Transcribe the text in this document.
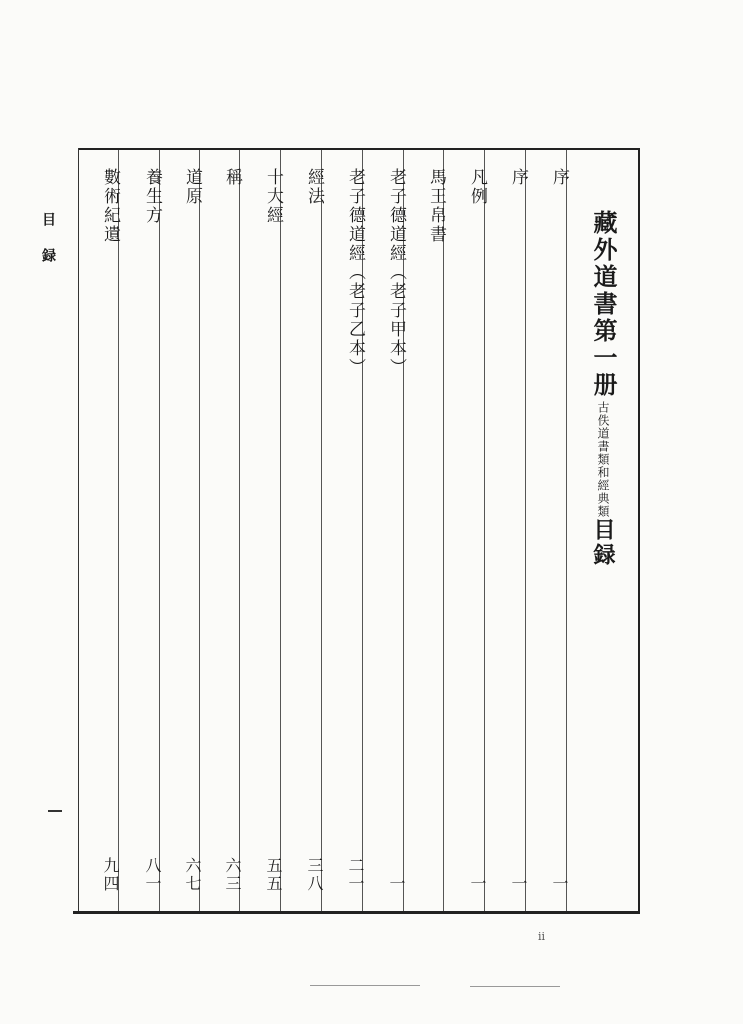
目録	藏外道書第一册
古佚道書類和經典類
目録
序
一
序
一
凡例
一
馬王帛書
老子德道經（老子甲本）
一
老子德道經（老子乙本）
二一
經法
三八
十大經
五五
稱
六三
道原
六七
養生方
八一
數術紀遺
九四
ii
